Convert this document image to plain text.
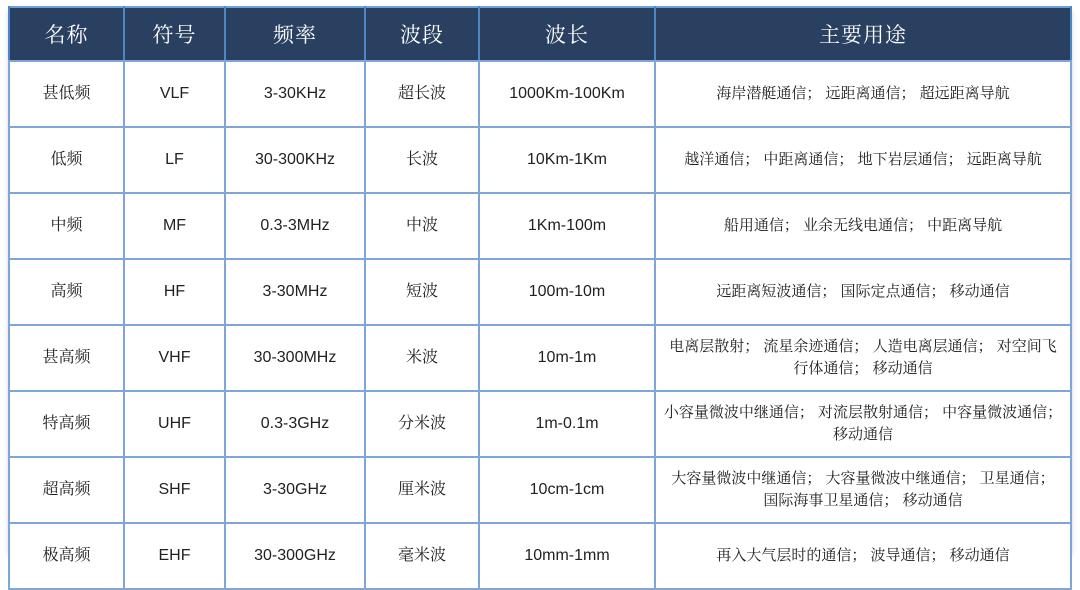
名称	符号	频率	波段	波长	主要用途
甚低频	VLF	3-30KHz	超长波	1000Km-100Km	海岸潜艇通信； 远距离通信； 超远距离导航
低频	LF	30-300KHz	长波	10Km-1Km	越洋通信； 中距离通信； 地下岩层通信； 远距离导航
中频	MF	0.3-3MHz	中波	1Km-100m	船用通信； 业余无线电通信； 中距离导航
高频	HF	3-30MHz	短波	100m-10m	远距离短波通信； 国际定点通信； 移动通信
甚高频	VHF	30-300MHz	米波	10m-1m	电离层散射； 流星余迹通信； 人造电离层通信； 对空间飞行体通信； 移动通信
特高频	UHF	0.3-3GHz	分米波	1m-0.1m	小容量微波中继通信； 对流层散射通信； 中容量微波通信； 移动通信
超高频	SHF	3-30GHz	厘米波	10cm-1cm	大容量微波中继通信； 大容量微波中继通信； 卫星通信； 国际海事卫星通信； 移动通信
极高频	EHF	30-300GHz	毫米波	10mm-1mm	再入大气层时的通信； 波导通信； 移动通信
